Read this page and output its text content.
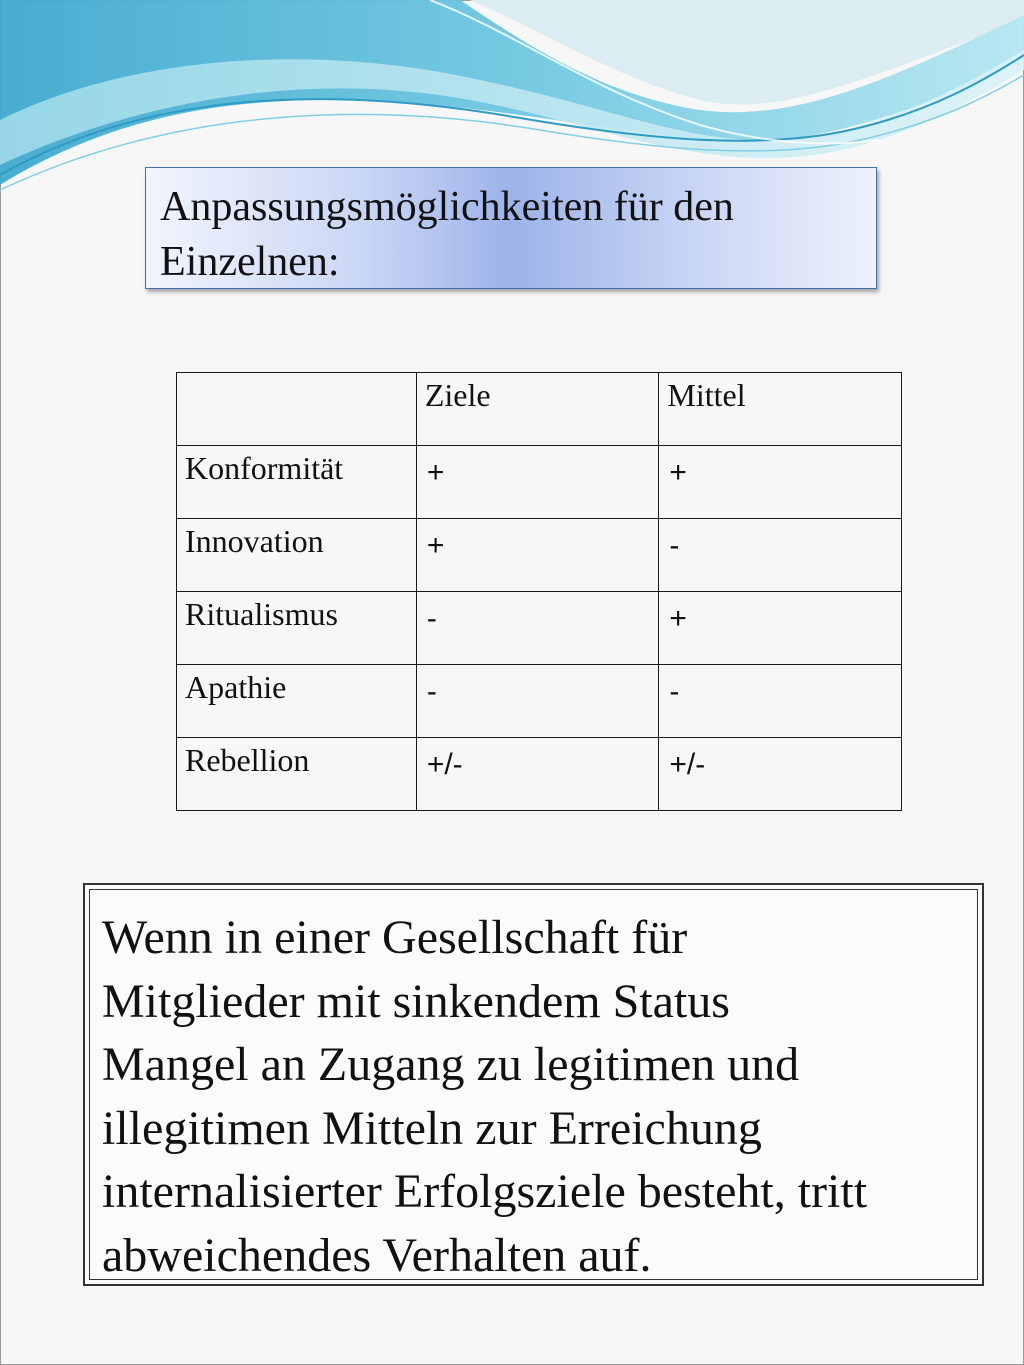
Anpassungsmöglichkeiten für den
Einzelnen:

	Ziele	Mittel
Konformität	+	+
Innovation	+	-
Ritualismus	-	+
Apathie	-	-
Rebellion	+/-	+/-

Wenn in einer Gesellschaft für
Mitglieder mit sinkendem Status
Mangel an Zugang zu legitimen und
illegitimen Mitteln zur Erreichung
internalisierter Erfolgsziele besteht, tritt
abweichendes Verhalten auf.
